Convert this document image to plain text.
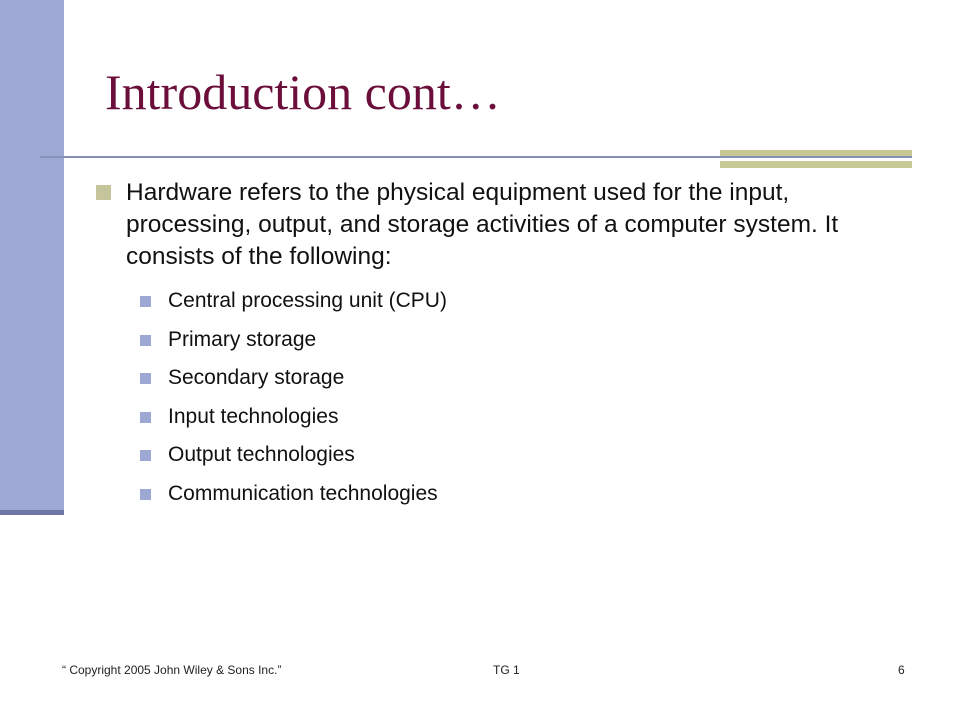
Introduction cont…

Hardware refers to the physical equipment used for the input, processing, output, and storage activities of a computer system. It consists of the following:

Central processing unit (CPU)
Primary storage
Secondary storage
Input technologies
Output technologies
Communication technologies
“ Copyright 2005 John Wiley & Sons Inc.”	TG 1	6
